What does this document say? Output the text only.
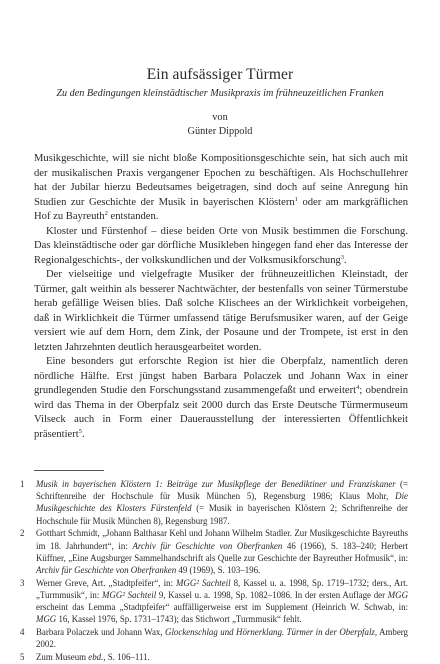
Ein aufsässiger Türmer
Zu den Bedingungen kleinstädtischer Musikpraxis im frühneuzeitlichen Franken
von
Günter Dippold

Musikgeschichte, will sie nicht bloße Kompositionsgeschichte sein, hat sich auch mit der musikalischen Praxis vergangener Epochen zu beschäftigen. Als Hochschullehrer hat der Jubilar hierzu Bedeutsames beigetragen, sind doch auf seine Anregung hin Studien zur Geschichte der Musik in bayerischen Klöstern$^1$ oder am markgräflichen Hof zu Bayreuth$^2$ entstanden.

Kloster und Fürstenhof – diese beiden Orte von Musik bestimmen die Forschung. Das kleinstädtische oder gar dörfliche Musikleben hingegen fand eher das Interesse der Regionalgeschichts-, der volkskundlichen und der Volksmusikforschung$^3$.

Der vielseitige und vielgefragte Musiker der frühneuzeitlichen Kleinstadt, der Türmer, galt weithin als besserer Nachtwächter, der bestenfalls von seiner Türmerstube herab gefällige Weisen blies. Daß solche Klischees an der Wirklichkeit vorbeigehen, daß in Wirklichkeit die Türmer umfassend tätige Berufsmusiker waren, auf der Geige versiert wie auf dem Horn, dem Zink, der Posaune und der Trompete, ist erst in den letzten Jahrzehnten deutlich herausgearbeitet worden.

Eine besonders gut erforschte Region ist hier die Oberpfalz, namentlich deren nördliche Hälfte. Erst jüngst haben Barbara Polaczek und Johann Wax in einer grundlegenden Studie den Forschungsstand zusammengefaßt und erweitert$^4$; obendrein wird das Thema in der Oberpfalz seit 2000 durch das Erste Deutsche Türmermuseum Vilseck auch in Form einer Dauerausstellung der interessierten Öffentlichkeit präsentiert$^5$.

1	Musik in bayerischen Klöstern 1: Beiträge zur Musikpflege der Benediktiner und Franziskaner (= Schriftenreihe der Hochschule für Musik München 5), Regensburg 1986; Klaus Mohr, Die Musikgeschichte des Klosters Fürstenfeld (= Musik in bayerischen Klöstern 2; Schriftenreihe der Hochschule für Musik München 8), Regensburg 1987.
2	Gotthart Schmidt, „Johann Balthasar Kehl und Johann Wilhelm Stadler. Zur Musikgeschichte Bayreuths im 18. Jahrhundert“, in: Archiv für Geschichte von Oberfranken 46 (1966), S. 183–240; Herbert Küffner, „Eine Augsburger Sammelhandschrift als Quelle zur Geschichte der Bayreuther Hofmusik“, in: Archiv für Geschichte von Oberfranken 49 (1969), S. 103–196.
3	Werner Greve, Art. „Stadtpfeifer“, in: MGG² Sachteil 8, Kassel u. a. 1998, Sp. 1719–1732; ders., Art. „Turmmusik“, in: MGG² Sachteil 9, Kassel u. a. 1998, Sp. 1082–1086. In der ersten Auflage der MGG erscheint das Lemma „Stadtpfeifer“ auffälligerweise erst im Supplement (Heinrich W. Schwab, in: MGG 16, Kassel 1976, Sp. 1731–1743); das Stichwort „Turmmusik“ fehlt.
4	Barbara Polaczek und Johann Wax, Glockenschlag und Hörnerklang. Türmer in der Oberpfalz, Amberg 2002.
5	Zum Museum ebd., S. 106–111.
